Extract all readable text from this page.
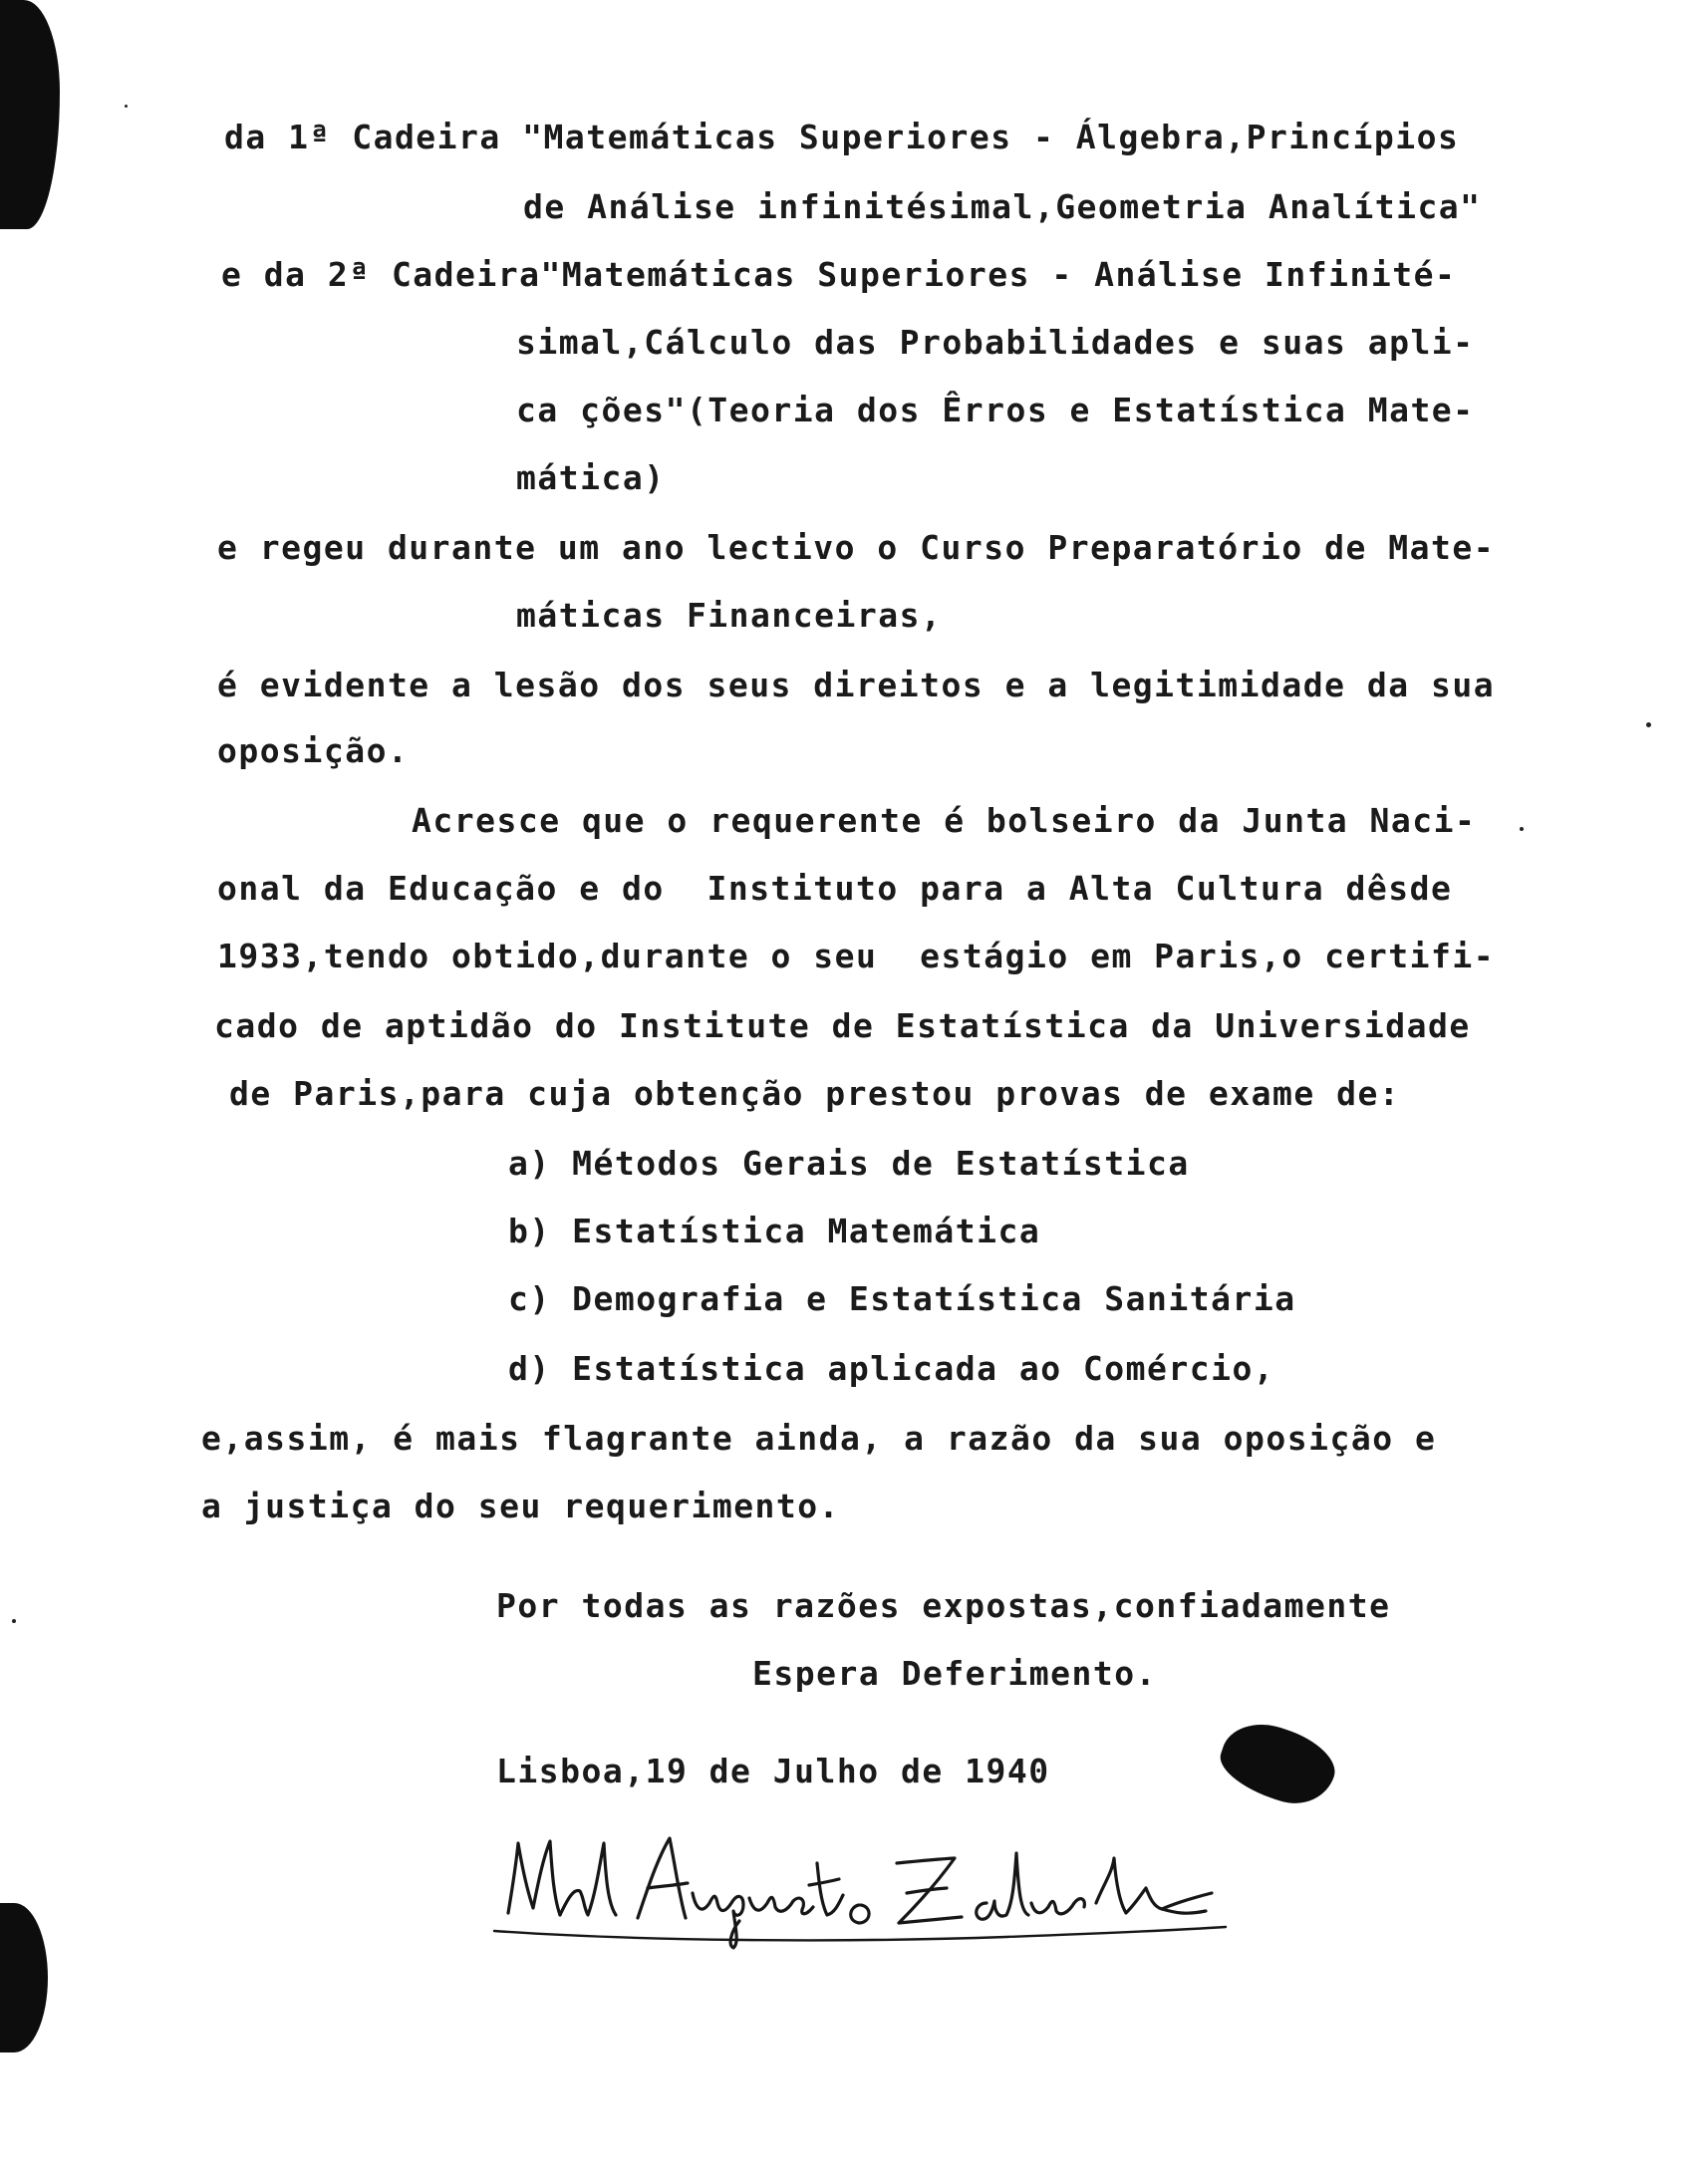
da 1ª Cadeira "Matemáticas Superiores - Álgebra,Princípios
de Análise infinitésimal,Geometria Analítica"
e da 2ª Cadeira"Matemáticas Superiores - Análise Infinité-
simal,Cálculo das Probabilidades e suas apli-
ca ções"(Teoria dos Êrros e Estatística Mate-
mática)
e regeu durante um ano lectivo o Curso Preparatório de Mate-
máticas Financeiras,
é evidente a lesão dos seus direitos e a legitimidade da sua
oposição.
Acresce que o requerente é bolseiro da Junta Naci-
onal da Educação e do  Instituto para a Alta Cultura dêsde
1933,tendo obtido,durante o seu  estágio em Paris,o certifi-
cado de aptidão do Institute de Estatística da Universidade
de Paris,para cuja obtenção prestou provas de exame de:
a) Métodos Gerais de Estatística
b) Estatística Matemática
c) Demografia e Estatística Sanitária
d) Estatística aplicada ao Comércio,
e,assim, é mais flagrante ainda, a razão da sua oposição e
a justiça do seu requerimento.
Por todas as razões expostas,confiadamente
Espera Deferimento.
Lisboa,19 de Julho de 1940
